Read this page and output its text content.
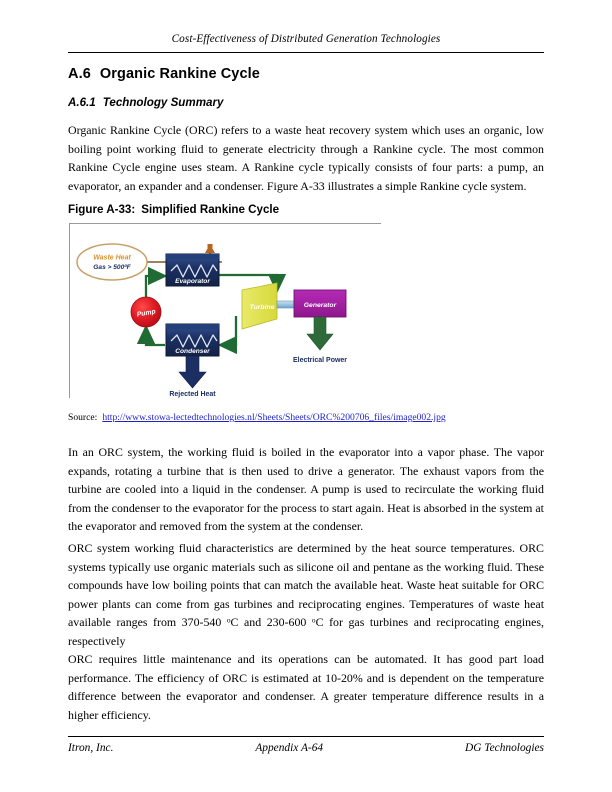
Cost-Effectiveness of Distributed Generation Technologies
A.6 Organic Rankine Cycle
A.6.1 Technology Summary
Organic Rankine Cycle (ORC) refers to a waste heat recovery system which uses an organic, low boiling point working fluid to generate electricity through a Rankine cycle. The most common Rankine Cycle engine uses steam. A Rankine cycle typically consists of four parts: a pump, an evaporator, an expander and a condenser. Figure A-33 illustrates a simple Rankine cycle system.
Figure A-33: Simplified Rankine Cycle
Waste Heat
Gas > 500ºF
Evaporator
Condenser
Pump
Turbine	Generator
Electrical Power
Rejected Heat
Source: http://www.stowa-lectedtechnologies.nl/Sheets/Sheets/ORC%200706_files/image002.jpg
In an ORC system, the working fluid is boiled in the evaporator into a vapor phase. The vapor expands, rotating a turbine that is then used to drive a generator. The exhaust vapors from the turbine are cooled into a liquid in the condenser. A pump is used to recirculate the working fluid from the condenser to the evaporator for the process to start again. Heat is absorbed in the system at the evaporator and removed from the system at the condenser.
ORC system working fluid characteristics are determined by the heat source temperatures. ORC systems typically use organic materials such as silicone oil and pentane as the working fluid. These compounds have low boiling points that can match the available heat. Waste heat suitable for ORC power plants can come from gas turbines and reciprocating engines. Temperatures of waste heat available ranges from 370-540 $^o$C and 230-600 $^o$C for gas turbines and reciprocating engines, respectively
ORC requires little maintenance and its operations can be automated. It has good part load performance. The efficiency of ORC is estimated at 10-20% and is dependent on the temperature difference between the evaporator and condenser. A greater temperature difference results in a higher efficiency.
Itron, Inc.	Appendix A-64	DG Technologies
